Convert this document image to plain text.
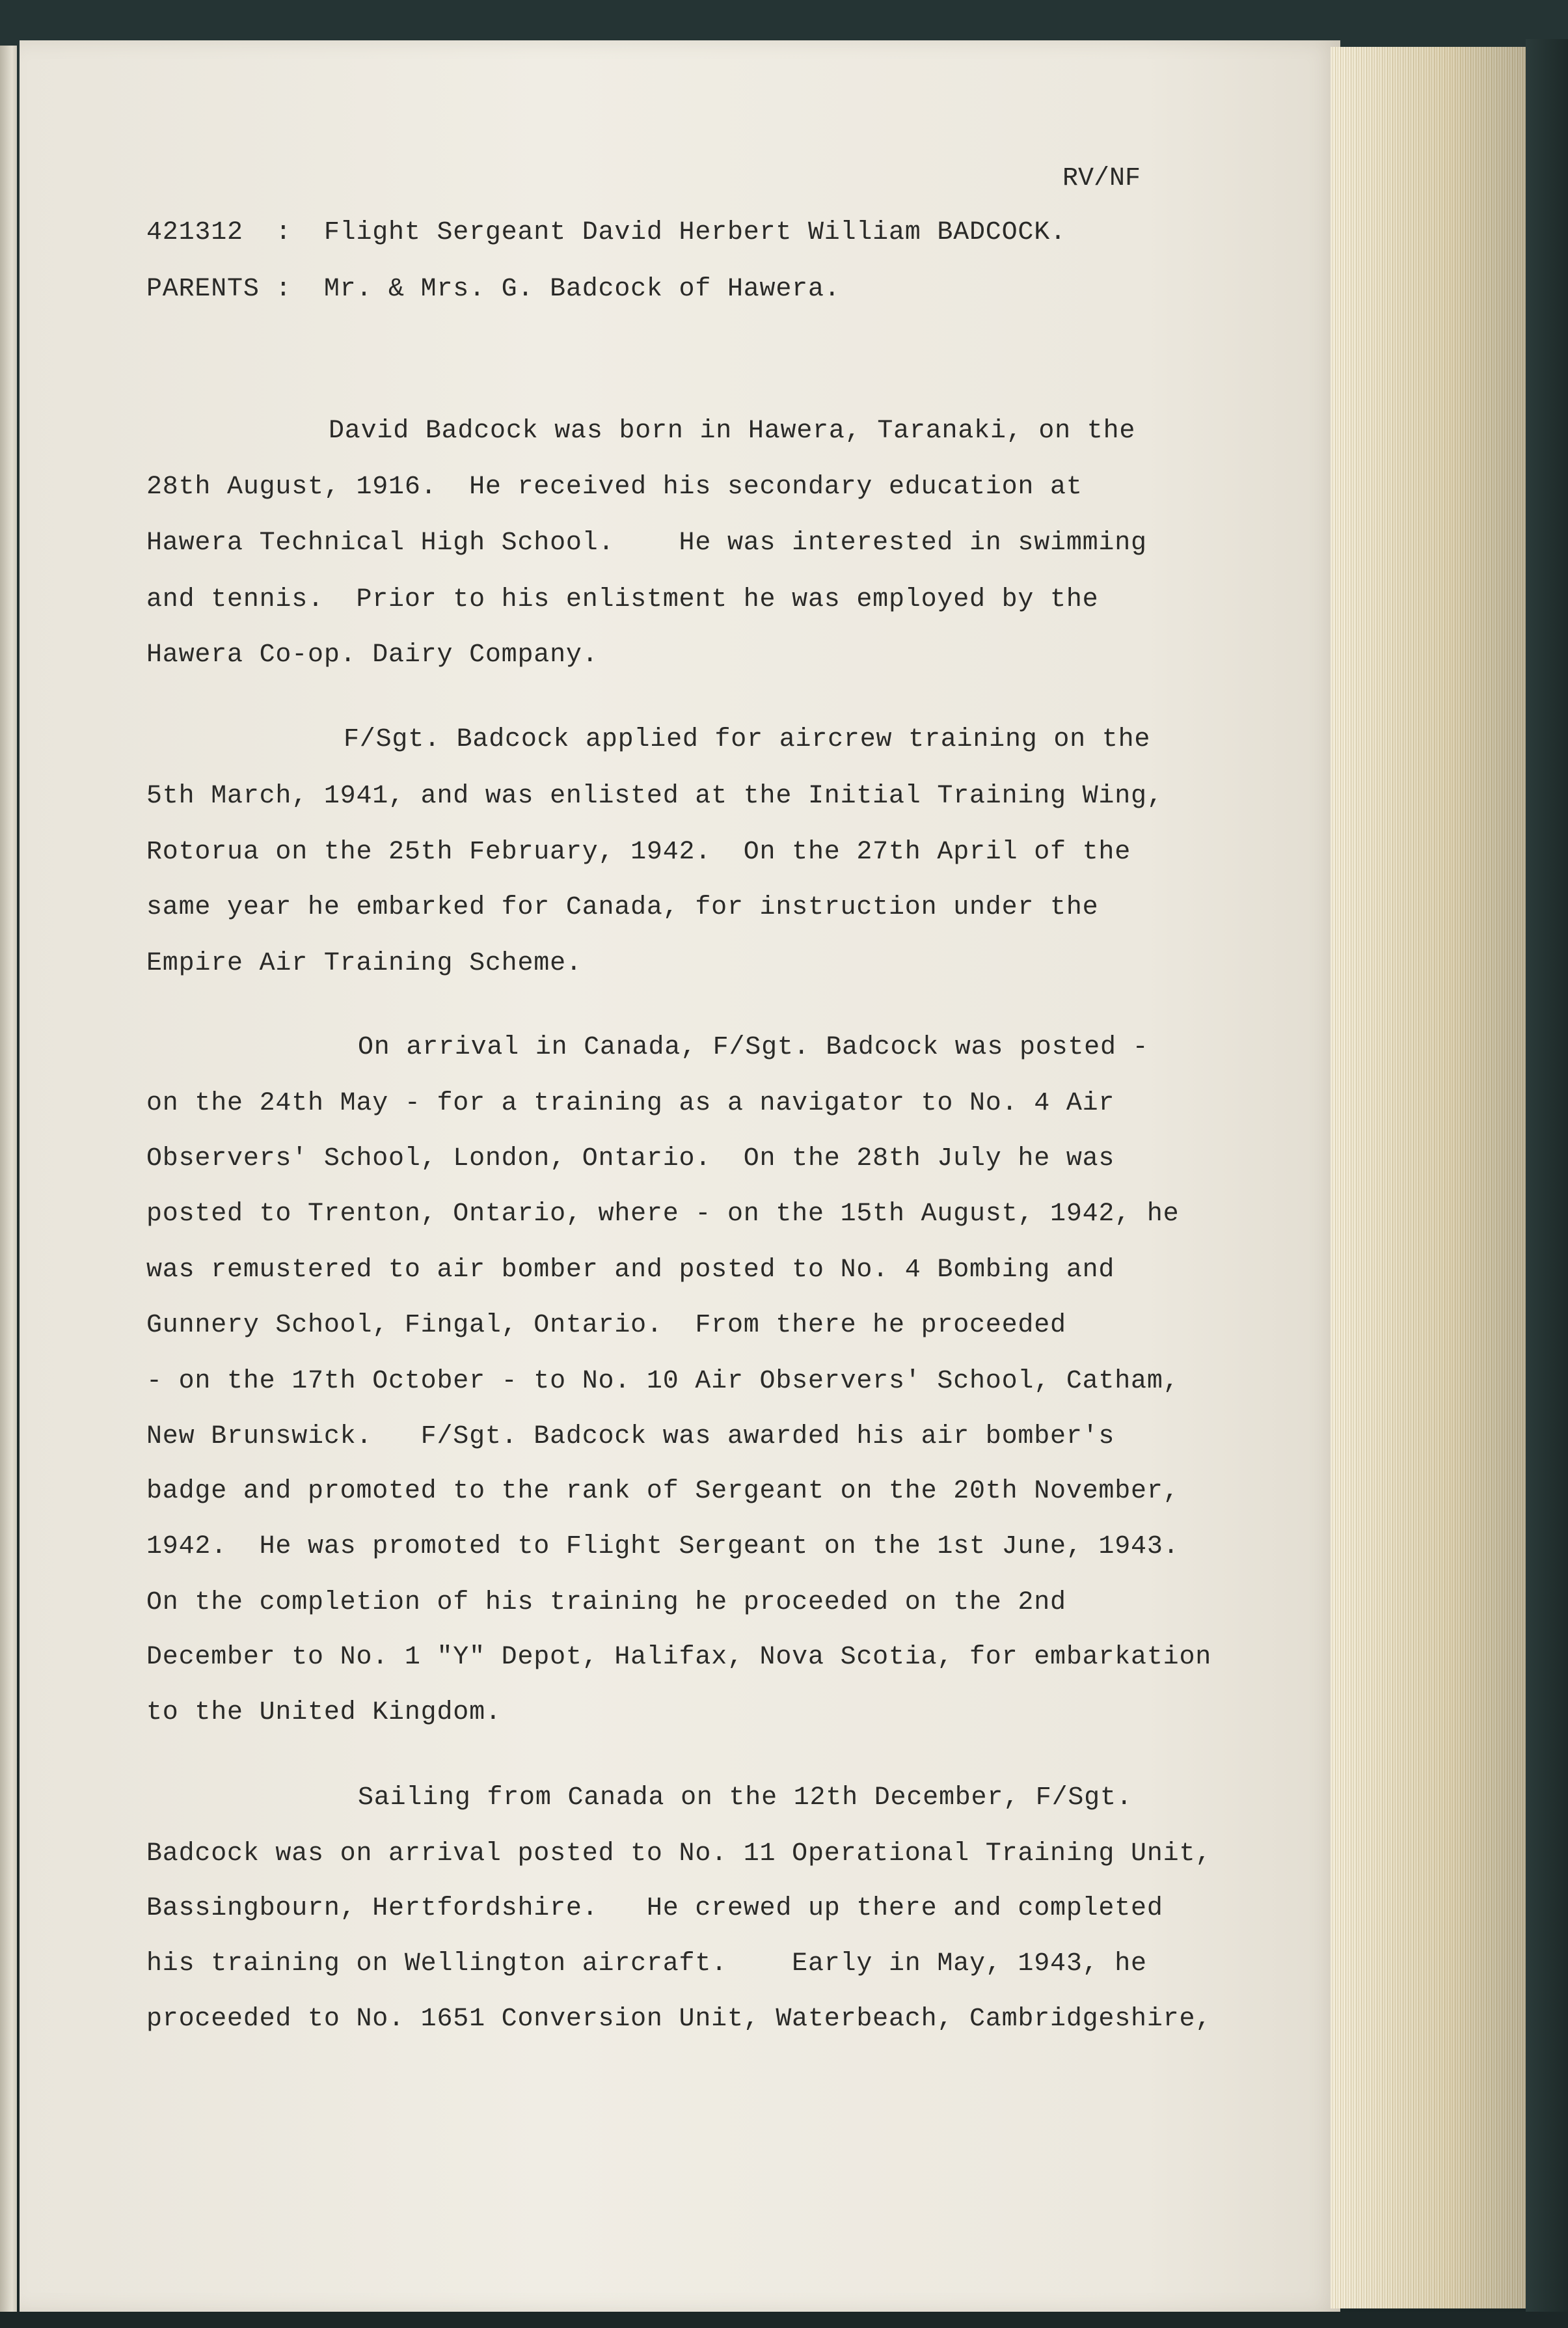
RV/NF
421312  :  Flight Sergeant David Herbert William BADCOCK.
PARENTS :  Mr. & Mrs. G. Badcock of Hawera.
David Badcock was born in Hawera, Taranaki, on the
28th August, 1916.  He received his secondary education at
Hawera Technical High School.    He was interested in swimming
and tennis.  Prior to his enlistment he was employed by the
Hawera Co-op. Dairy Company.
F/Sgt. Badcock applied for aircrew training on the
5th March, 1941, and was enlisted at the Initial Training Wing,
Rotorua on the 25th February, 1942.  On the 27th April of the
same year he embarked for Canada, for instruction under the
Empire Air Training Scheme.
On arrival in Canada, F/Sgt. Badcock was posted -
on the 24th May - for a training as a navigator to No. 4 Air
Observers' School, London, Ontario.  On the 28th July he was
posted to Trenton, Ontario, where - on the 15th August, 1942, he
was remustered to air bomber and posted to No. 4 Bombing and
Gunnery School, Fingal, Ontario.  From there he proceeded
- on the 17th October - to No. 10 Air Observers' School, Catham,
New Brunswick.   F/Sgt. Badcock was awarded his air bomber's
badge and promoted to the rank of Sergeant on the 20th November,
1942.  He was promoted to Flight Sergeant on the 1st June, 1943.
On the completion of his training he proceeded on the 2nd
December to No. 1 "Y" Depot, Halifax, Nova Scotia, for embarkation
to the United Kingdom.
Sailing from Canada on the 12th December, F/Sgt.
Badcock was on arrival posted to No. 11 Operational Training Unit,
Bassingbourn, Hertfordshire.   He crewed up there and completed
his training on Wellington aircraft.    Early in May, 1943, he
proceeded to No. 1651 Conversion Unit, Waterbeach, Cambridgeshire,
